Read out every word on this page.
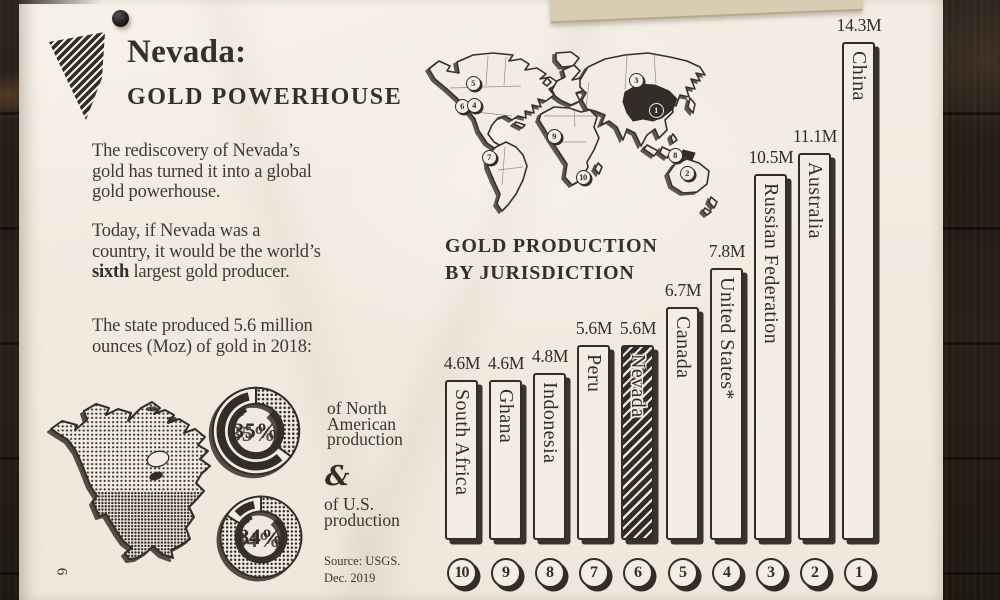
Nevada:
GOLD POWERHOUSE
The rediscovery of Nevada’s
gold has turned it into a global
gold powerhouse.
Today, if Nevada was a
country, it would be the world’s
sixth largest gold producer.
The state produced 5.6 million
ounces (Moz) of gold in 2018:
35%
of North
American
production
&
84%
of U.S.
production
Source: USGS.
Dec. 2019
6
5
6 4
7
9
10
3
1
8
2
GOLD PRODUCTION
BY JURISDICTION
South Africa
4.6M
10
Ghana
4.6M
9
Indonesia
4.8M
8
Peru
5.6M
7
Nevada
5.6M
6
Canada
6.7M
5
United States*
7.8M
4
Russian Federation
10.5M
3
Australia
11.1M
2
China
14.3M
1
